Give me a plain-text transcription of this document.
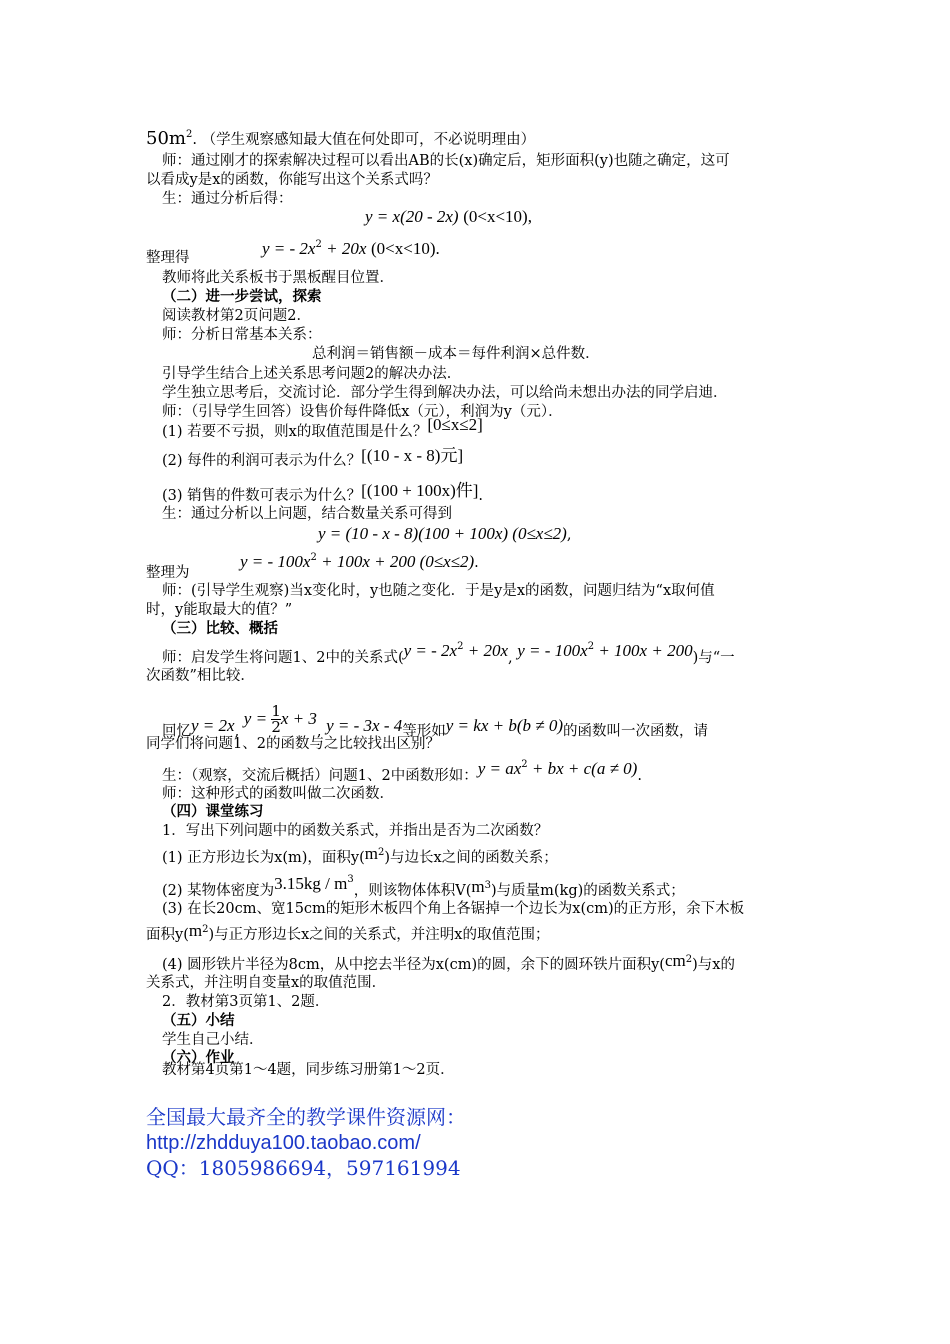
$50m^2$. （学生观察感知最大值在何处即可，不必说明理由）
师：通过刚才的探索解决过程可以看出AB的长(x)确定后，矩形面积(y)也随之确定，这可
以看成y是x的函数，你能写出这个关系式吗？
生：通过分析后得：
y = x(20 - 2x) (0<x<10),
整理得	y = - $2x^2 + 20x$ (0<x<10).
教师将此关系板书于黑板醒目位置．
（二）进一步尝试，探索
阅读教材第2页问题2．
师：分析日常基本关系：
总利润＝销售额－成本＝每件利润×总件数．
引导学生结合上述关系思考问题2的解决办法．
学生独立思考后，交流讨论．部分学生得到解决办法，可以给尚未想出办法的同学启迪．
师：（引导学生回答）设售价每件降低x（元），利润为y（元）．
(1) 若要不亏损，则x的取值范围是什么？[0≤x≤2]
(2) 每件的利润可表示为什么？[(10 - x - 8)元]
(3) 销售的件数可表示为什么？[(100 + 100x)件].
生：通过分析以上问题，结合数量关系可得到
y = (10 - x - 8)(100 + 100x) (0≤x≤2),
整理为
y = - $100x^2 + 100x + 200$ (0≤x≤2).
师：(引导学生观察)当x变化时，y也随之变化．于是y是x的函数，问题归结为“x取何值
时，y能取最大的值？”
（三）比较、概括
师：启发学生将问题1、2中的关系式(y = - $2x^2 + 20x$, y = - $100x^2 + 100x + 200$)与“一
次函数”相比较．
回忆y = 2x, $y = \frac{1}{2}$ x + 3, y = - 3x - 4等形如y = kx + b(b ≠ 0)的函数叫一次函数，请
同学们将问题1、2的函数与之比较找出区别？
生：（观察，交流后概括）问题1、2中函数形如：$y = ax^2$ + bx + c(a ≠ 0).
师：这种形式的函数叫做二次函数．
（四）课堂练习
1．写出下列问题中的函数关系式，并指出是否为二次函数？
(1) 正方形边长为x(m)，面积$y(m^2)$与边长x之间的函数关系；
(2) 某物体密度为$3.15kg / m^3$，则该物体体积$V(m^3)$与质量m(kg)的函数关系式；
(3) 在长20cm、宽15cm的矩形木板四个角上各锯掉一个边长为x(cm)的正方形，余下木板
面积$y(m^2)$与正方形边长x之间的关系式，并注明x的取值范围；
(4) 圆形铁片半径为8cm，从中挖去半径为x(cm)的圆，余下的圆环铁片面积$y(cm^2)$与x的
关系式，并注明自变量x的取值范围．
2．教材第3页第1、2题．
（五）小结
学生自己小结．
（六）作业
教材第4页第1～4题，同步练习册第1～2页．
全国最大最齐全的教学课件资源网：
http://zhdduya100.taobao.com/
QQ：1805986694，597161994
